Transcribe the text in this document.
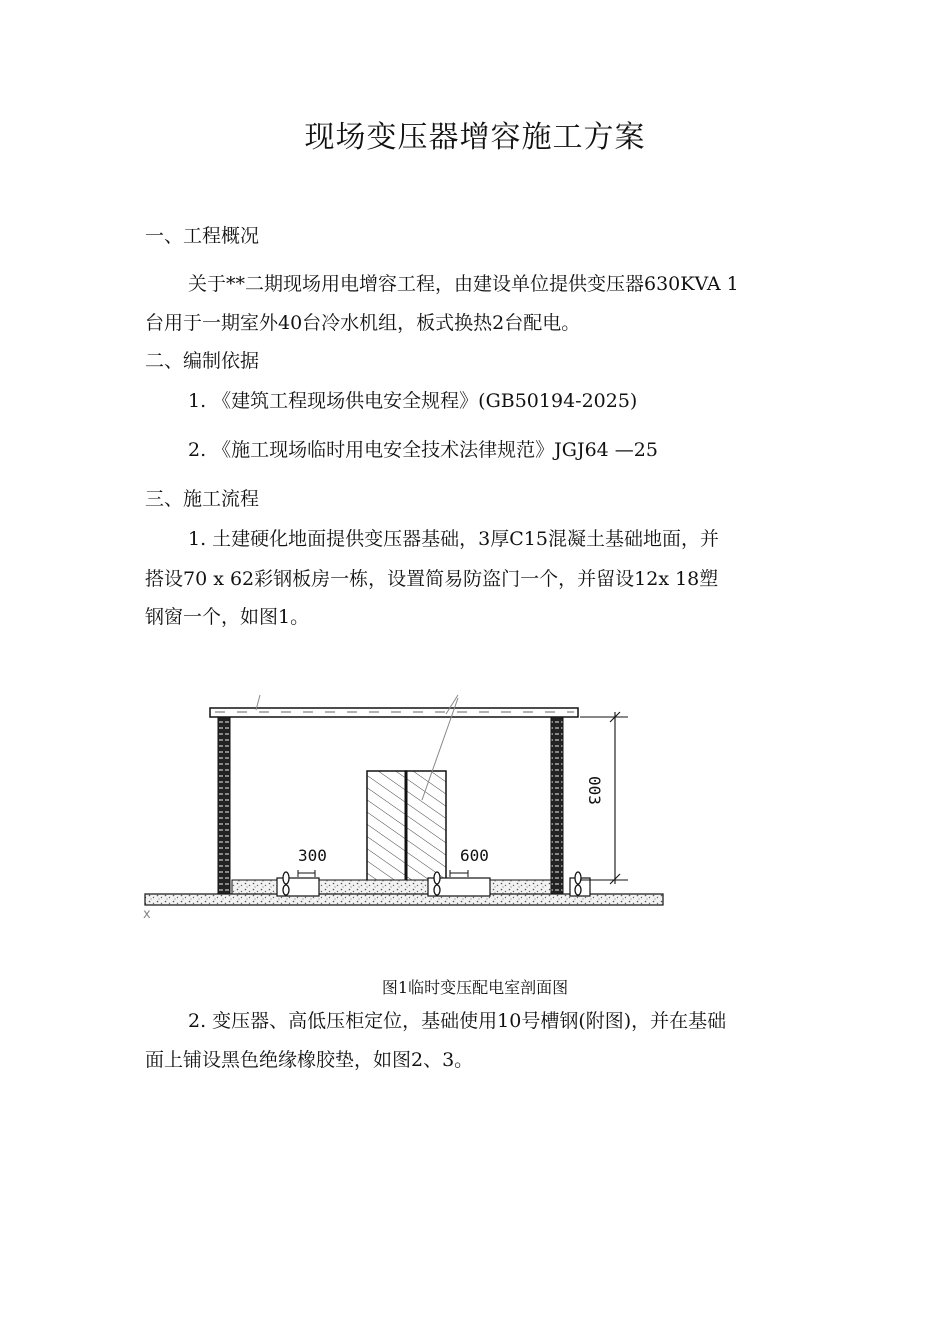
现场变压器增容施工方案

一、工程概况

关于**二期现场用电增容工程，由建设单位提供变压器630KVA 1

台用于一期室外40台冷水机组，板式换热2台配电。

二、编制依据

1. 《建筑工程现场供电安全规程》(GB50194-2025)

2. 《施工现场临时用电安全技术法律规范》JGJ64 —25

三、施工流程

1. 土建硬化地面提供变压器基础，3厚C15混凝土基础地面，并

搭设70 x 62彩钢板房一栋，设置简易防盗门一个，并留设12x 18塑

钢窗一个，如图1。

300	600
003
x

图1临时变压配电室剖面图

2. 变压器、高低压柜定位，基础使用10号槽钢(附图)，并在基础

面上铺设黑色绝缘橡胶垫，如图2、3。
